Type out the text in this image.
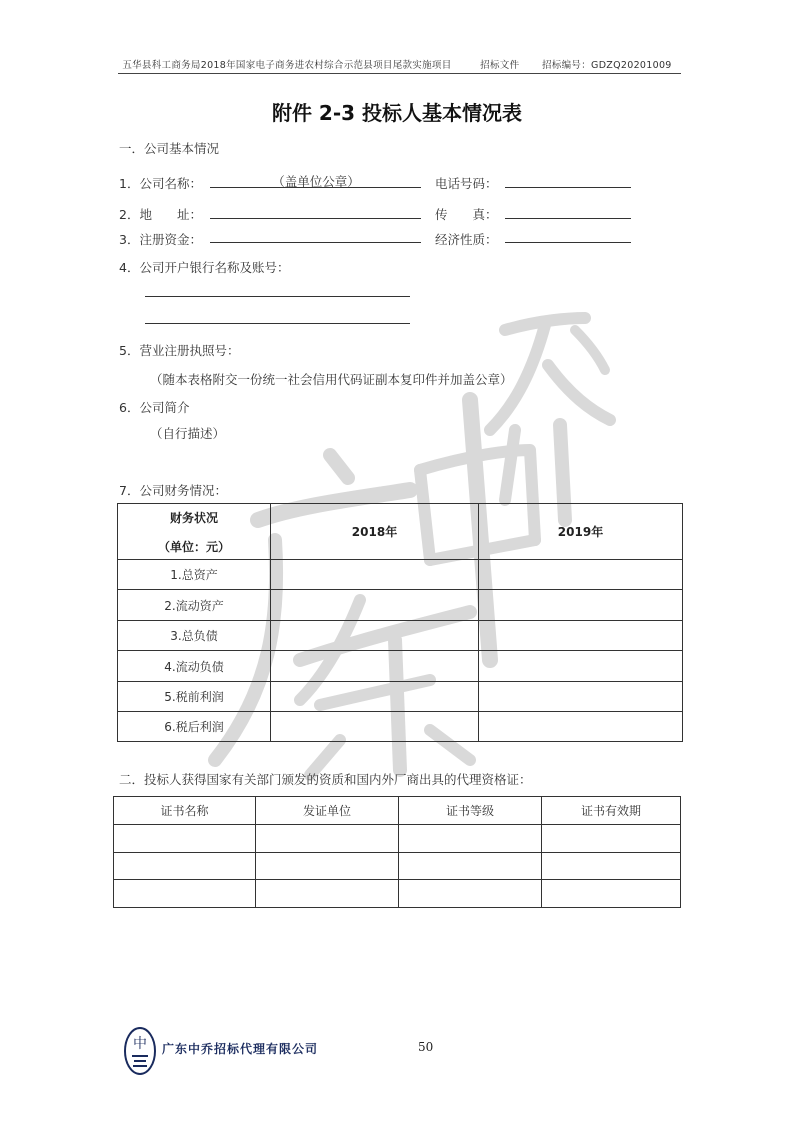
五华县科工商务局2018年国家电子商务进农村综合示范县项目尾款实施项目	招标文件 招标编号：GDZQ20201009
附件 2-3 投标人基本情况表
一．公司基本情况
1．公司名称：	（盖单位公章）	电话号码：
2．地　　址：	传　　真：
3．注册资金：	经济性质：
4．公司开户银行名称及账号：
5．营业注册执照号：
（随本表格附交一份统一社会信用代码证副本复印件并加盖公章）
6．公司简介
（自行描述）
7．公司财务情况：
财务状况
（单位：元）	2018年	2019年
1.总资产		
2.流动资产		
3.总负债		
4.流动负债		
5.税前利润		
6.税后利润		
二．投标人获得国家有关部门颁发的资质和国内外厂商出具的代理资格证：
证书名称	发证单位	证书等级	证书有效期

中 广东中乔招标代理有限公司	50
